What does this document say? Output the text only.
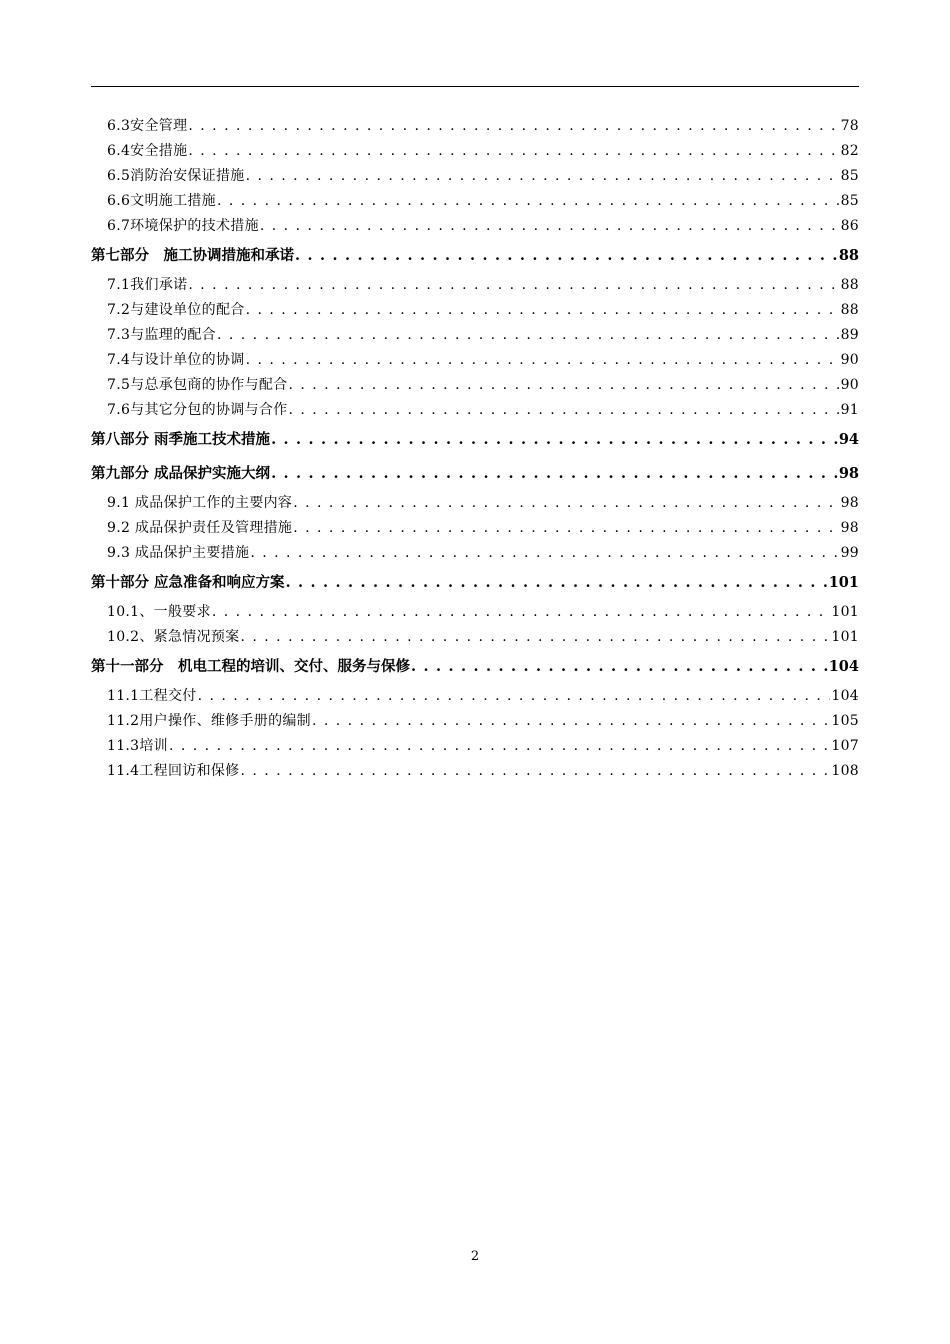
6.3安全管理 . . .	78
6.4安全措施 . . .	82
6.5消防治安保证措施 . . .	85
6.6文明施工措施 . . .	85
6.7环境保护的技术措施 . . .	86
第七部分　施工协调措施和承诺 . . .	88
7.1我们承诺 . . .	88
7.2与建设单位的配合 . . .	88
7.3与监理的配合 . . .	89
7.4与设计单位的协调 . . .	90
7.5与总承包商的协作与配合 . . .	90
7.6与其它分包的协调与合作 . . .	91
第八部分 雨季施工技术措施 . . .	94
第九部分 成品保护实施大纲 . . .	98
9.1 成品保护工作的主要内容 . . .	98
9.2 成品保护责任及管理措施 . . .	98
9.3 成品保护主要措施 . . .	99
第十部分 应急准备和响应方案 . . .	101
10.1、一般要求 . . .	101
10.2、紧急情况预案 . . .	101
第十一部分　机电工程的培训、交付、服务与保修 . . .	104
11.1工程交付 . . .	104
11.2用户操作、维修手册的编制 . . .	105
11.3培训 . . .	107
11.4工程回访和保修 . . .	108
2
